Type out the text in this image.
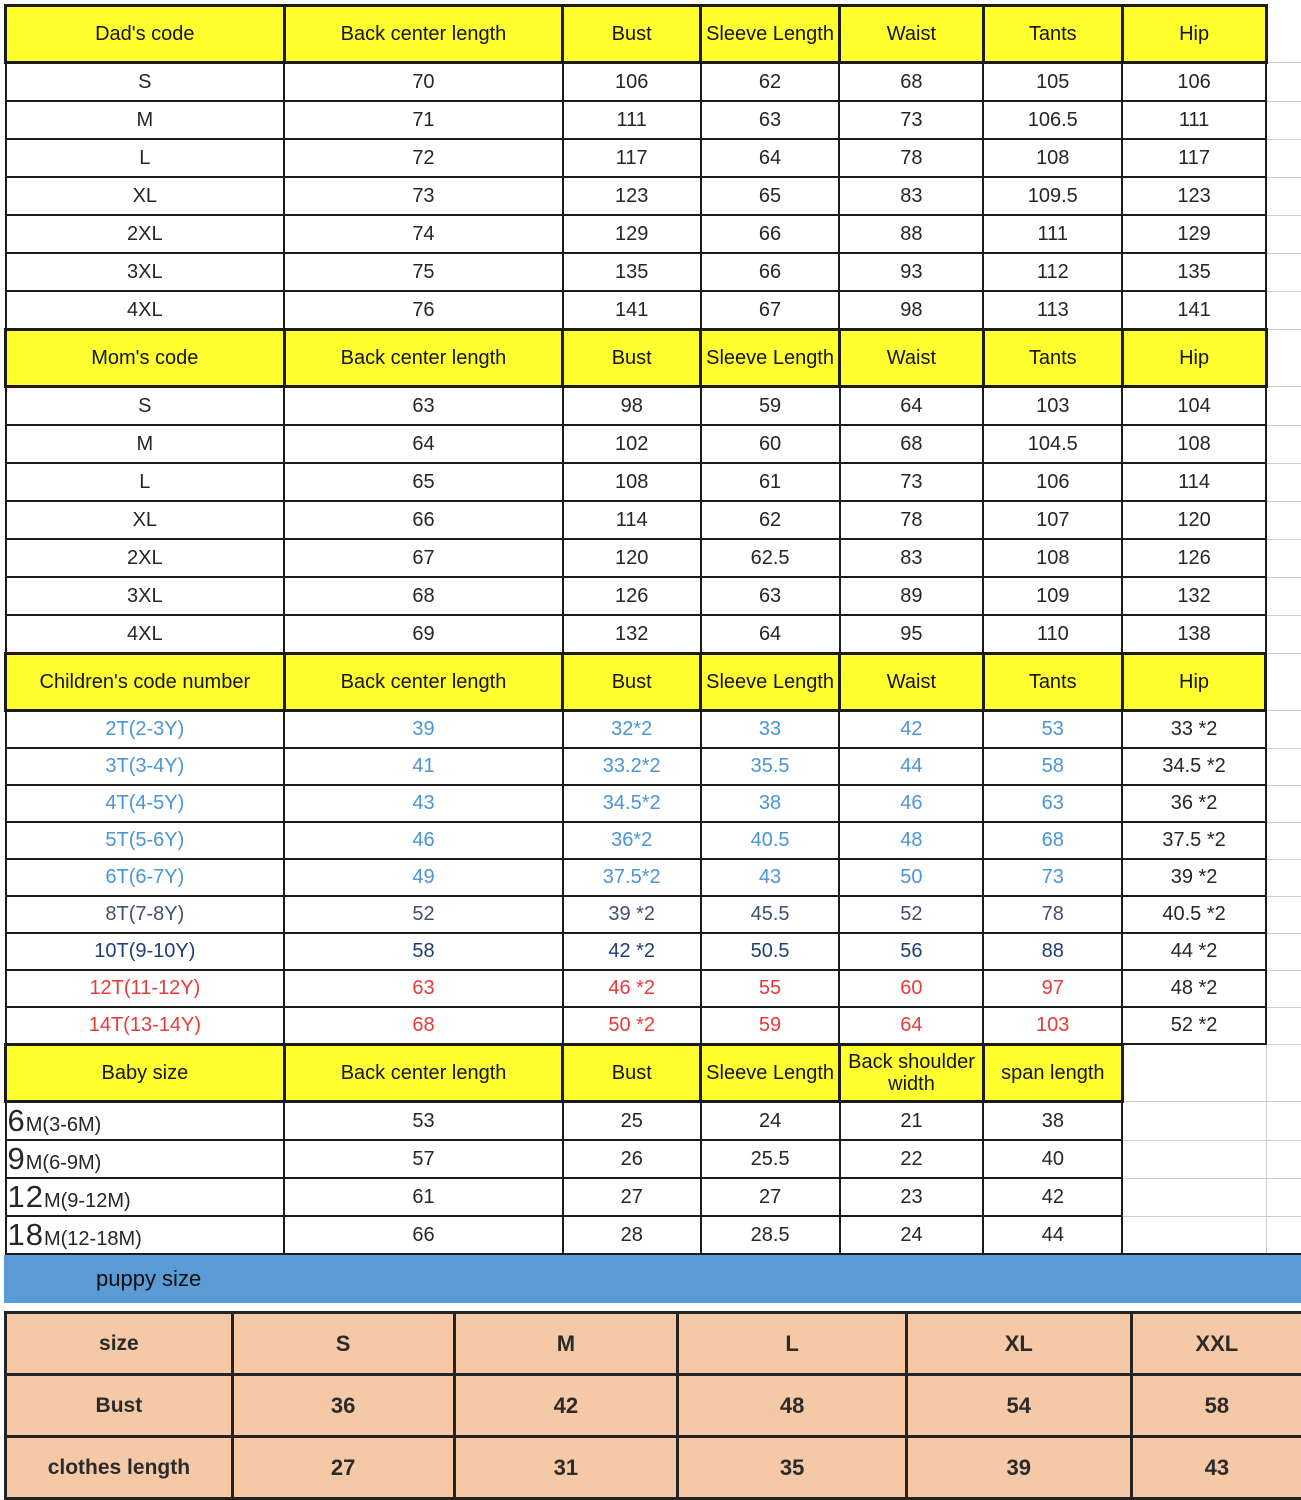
Dad's code	Back center length	Bust	Sleeve Length	Waist	Tants	Hip	
S	70	106	62	68	105	106	
M	71	111	63	73	106.5	111	
L	72	117	64	78	108	117	
XL	73	123	65	83	109.5	123	
2XL	74	129	66	88	111	129	
3XL	75	135	66	93	112	135	
4XL	76	141	67	98	113	141	
Mom's code	Back center length	Bust	Sleeve Length	Waist	Tants	Hip	
S	63	98	59	64	103	104	
M	64	102	60	68	104.5	108	
L	65	108	61	73	106	114	
XL	66	114	62	78	107	120	
2XL	67	120	62.5	83	108	126	
3XL	68	126	63	89	109	132	
4XL	69	132	64	95	110	138	
Children's code number	Back center length	Bust	Sleeve Length	Waist	Tants	Hip	
2T(2-3Y)	39	32*2	33	42	53	33 *2	
3T(3-4Y)	41	33.2*2	35.5	44	58	34.5 *2	
4T(4-5Y)	43	34.5*2	38	46	63	36 *2	
5T(5-6Y)	46	36*2	40.5	48	68	37.5 *2	
6T(6-7Y)	49	37.5*2	43	50	73	39 *2	
8T(7-8Y)	52	39 *2	45.5	52	78	40.5 *2	
10T(9-10Y)	58	42 *2	50.5	56	88	44 *2	
12T(11-12Y)	63	46 *2	55	60	97	48 *2	
14T(13-14Y)	68	50 *2	59	64	103	52 *2	
Baby size	Back center length	Bust	Sleeve Length	Back shoulder width	span length		
6M(3-6M)	53	25	24	21	38		
9M(6-9M)	57	26	25.5	22	40		
12M(9-12M)	61	27	27	23	42		
18M(12-18M)	66	28	28.5	24	44		
puppy size
size	S	M	L	XL	XXL
Bust	36	42	48	54	58
clothes length	27	31	35	39	43
